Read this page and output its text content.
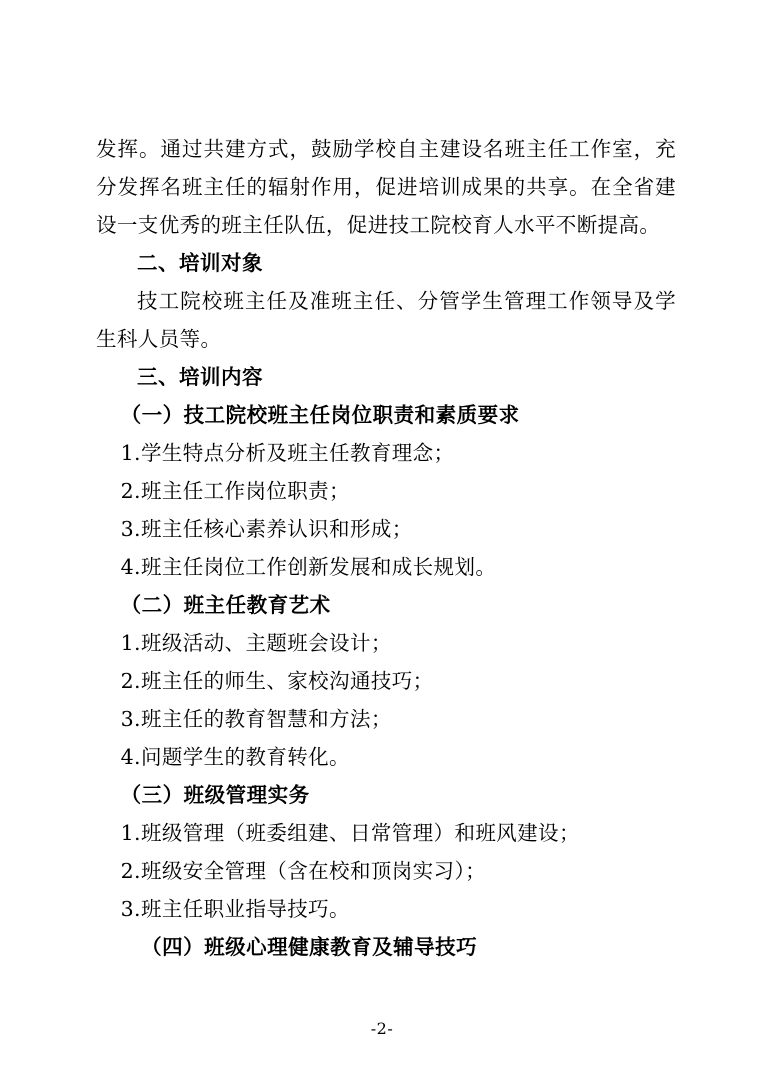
发挥。通过共建方式，鼓励学校自主建设名班主任工作室，充分发挥名班主任的辐射作用，促进培训成果的共享。在全省建设一支优秀的班主任队伍，促进技工院校育人水平不断提高。

二、培训对象

技工院校班主任及准班主任、分管学生管理工作领导及学生科人员等。

三、培训内容

（一）技工院校班主任岗位职责和素质要求

1.学生特点分析及班主任教育理念；

2.班主任工作岗位职责；

3.班主任核心素养认识和形成；

4.班主任岗位工作创新发展和成长规划。

（二）班主任教育艺术

1.班级活动、主题班会设计；

2.班主任的师生、家校沟通技巧；

3.班主任的教育智慧和方法；

4.问题学生的教育转化。

（三）班级管理实务

1.班级管理（班委组建、日常管理）和班风建设；

2.班级安全管理（含在校和顶岗实习）；

3.班主任职业指导技巧。

（四）班级心理健康教育及辅导技巧

-2-
